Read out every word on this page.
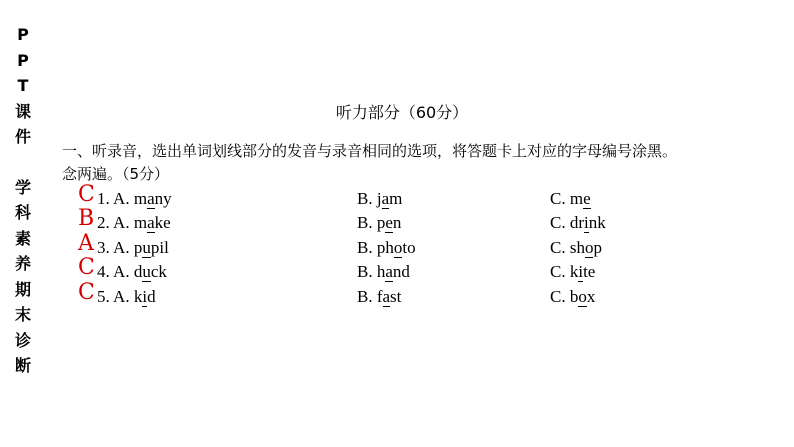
P
P
T
课
件
学
科
素
养
期
末
诊
断
听力部分（60分）
一、听录音，选出单词划线部分的发音与录音相同的选项，将答题卡上对应的字母编号涂黑。
念两遍。（5分）
C 1. A. many	B. jam	C. me
B 2. A. make	B. pen	C. drink
A 3. A. pupil	B. photo	C. shop
C 4. A. duck	B. hand	C. kite
C 5. A. kid	B. fast	C. box
